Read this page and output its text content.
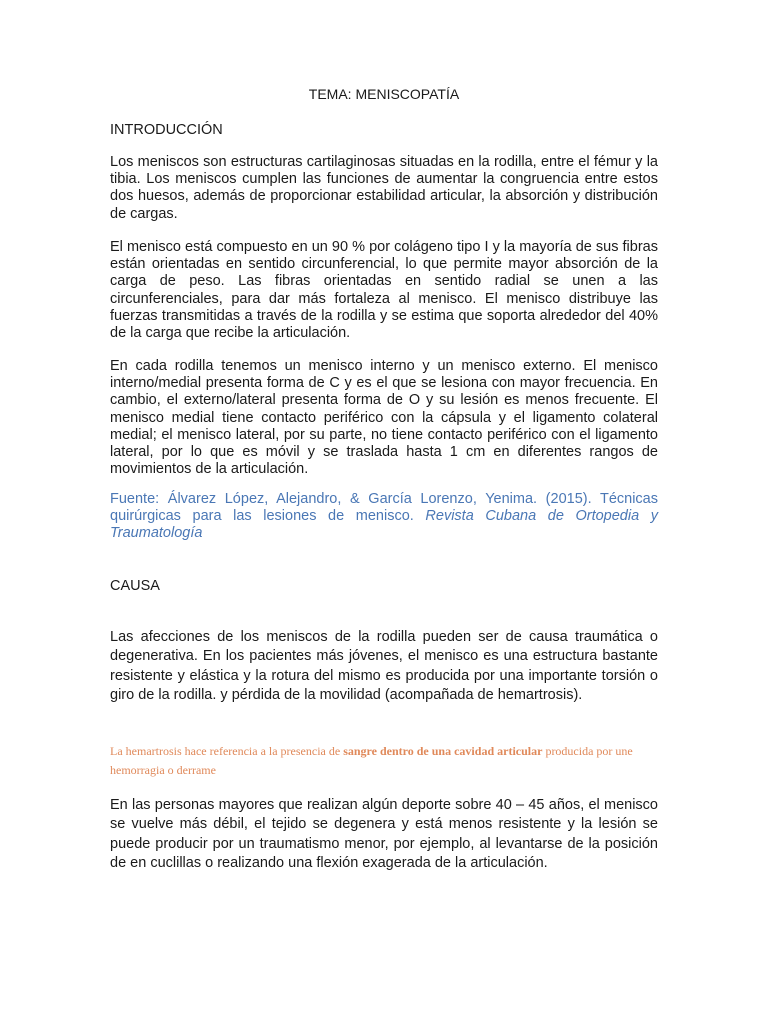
TEMA: MENISCOPATÍA
INTRODUCCIÓN

Los meniscos son estructuras cartilaginosas situadas en la rodilla, entre el fémur y la tibia. Los meniscos cumplen las funciones de aumentar la congruencia entre estos dos huesos, además de proporcionar estabilidad articular, la absorción y distribución de cargas.

El menisco está compuesto en un 90 % por colágeno tipo I y la mayoría de sus fibras están orientadas en sentido circunferencial, lo que permite mayor absorción de la carga de peso. Las fibras orientadas en sentido radial se unen a las circunferenciales, para dar más fortaleza al menisco. El menisco distribuye las fuerzas transmitidas a través de la rodilla y se estima que soporta alrededor del 40% de la carga que recibe la articulación.

En cada rodilla tenemos un menisco interno y un menisco externo. El menisco interno/medial presenta forma de C y es el que se lesiona con mayor frecuencia. En cambio, el externo/lateral presenta forma de O y su lesión es menos frecuente. El menisco medial tiene contacto periférico con la cápsula y el ligamento colateral medial; el menisco lateral, por su parte, no tiene contacto periférico con el ligamento lateral, por lo que es móvil y se traslada hasta 1 cm en diferentes rangos de movimientos de la articulación.

Fuente: Álvarez López, Alejandro, & García Lorenzo, Yenima. (2015). Técnicas quirúrgicas para las lesiones de menisco. Revista Cubana de Ortopedia y Traumatología

CAUSA

Las afecciones de los meniscos de la rodilla pueden ser de causa traumática o degenerativa. En los pacientes más jóvenes, el menisco es una estructura bastante resistente y elástica y la rotura del mismo es producida por una importante torsión o giro de la rodilla. y pérdida de la movilidad (acompañada de hemartrosis).

La hemartrosis hace referencia a la presencia de sangre dentro de una cavidad articular producida por une hemorragia o derrame

En las personas mayores que realizan algún deporte sobre 40 – 45 años, el menisco se vuelve más débil, el tejido se degenera y está menos resistente y la lesión se puede producir por un traumatismo menor, por ejemplo, al levantarse de la posición de en cuclillas o realizando una flexión exagerada de la articulación.
